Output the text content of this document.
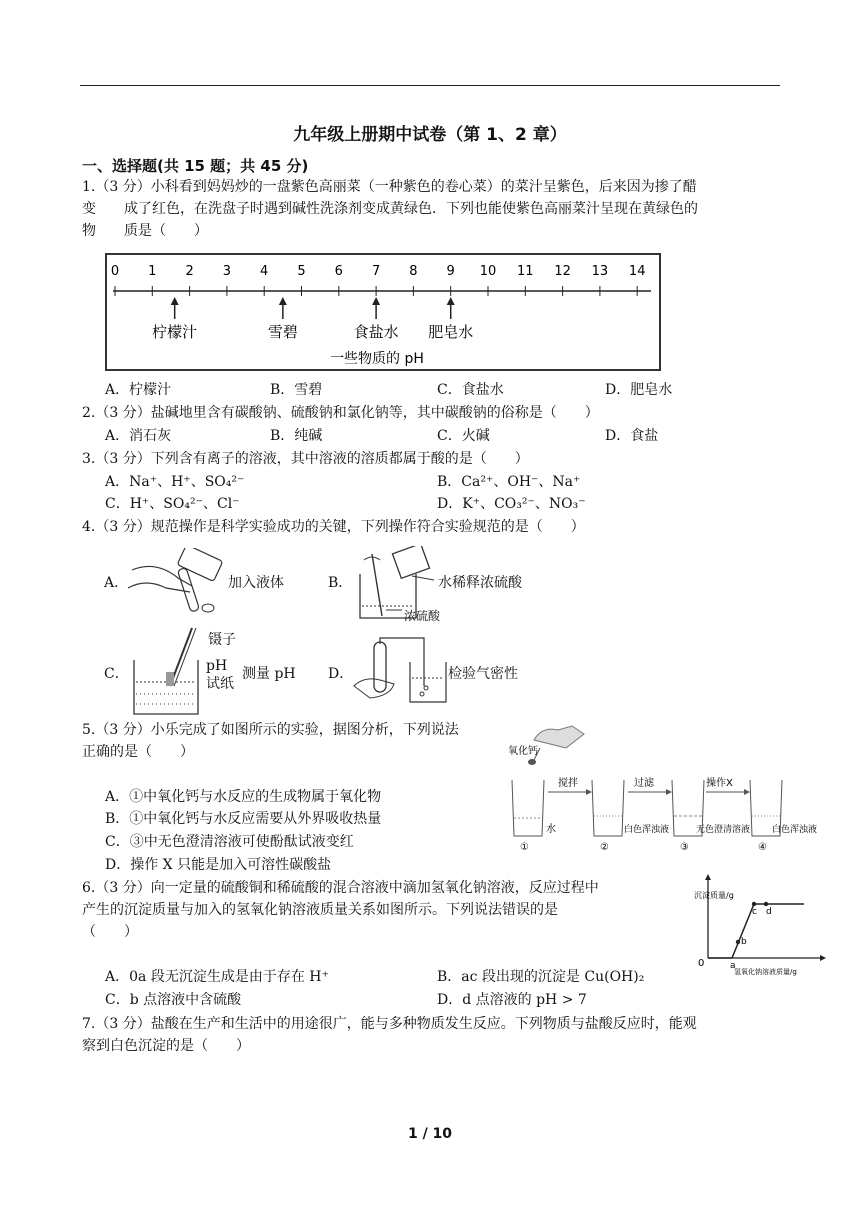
九年级上册期中试卷（第 1、2 章）
一、选择题(共 15 题；共 45 分)
1.（3 分）小科看到妈妈炒的一盘紫色高丽菜（一种紫色的卷心菜）的菜汁呈紫色，后来因为掺了醋
变　　成了红色，在洗盘子时遇到碱性洗涤剂变成黄绿色．下列也能使紫色高丽菜汁呈现在黄绿色的
物　　质是（　　）
0 1 2 3 4 5 6 7 8 9 10 11 12 13 14
柠檬汁	雪碧	食盐水 肥皂水
一些物质的 pH
A．柠檬汁	B．雪碧	C．食盐水	D．肥皂水
2.（3 分）盐碱地里含有碳酸钠、硫酸钠和氯化钠等，其中碳酸钠的俗称是（　　）
A．消石灰	B．纯碱	C．火碱	D．食盐
3.（3 分）下列含有离子的溶液，其中溶液的溶质都属于酸的是（　　）
A．Na⁺、H⁺、SO₄²⁻	B．Ca²⁺、OH⁻、Na⁺
C．H⁺、SO₄²⁻、Cl⁻	D．K⁺、CO₃²⁻、NO₃⁻
4.（3 分）规范操作是科学实验成功的关键，下列操作符合实验规范的是（　　）
A．	加入液体	B．	水稀释浓硫酸
浓硫酸
C．
镊子
pH
试纸
测量 pH D．	检验气密性
5.（3 分）小乐完成了如图所示的实验，据图分析，下列说法
正确的是（　　）
A．①中氧化钙与水反应的生成物属于氧化物
B．①中氧化钙与水反应需要从外界吸收热量
C．③中无色澄清溶液可使酚酞试液变红
D．操作 X 只能是加入可溶性碳酸盐
氧化钙
水
①
搅拌
②
白色浑浊液
过滤
③
无色澄清溶液
操作X
④
白色浑浊液
6.（3 分）向一定量的硫酸铜和稀硫酸的混合溶液中滴加氢氧化钠溶液，反应过程中
产生的沉淀质量与加入的氢氧化钠溶液质量关系如图所示。下列说法错误的是
（　　）
A．0a 段无沉淀生成是由于存在 H⁺	B．ac 段出现的沉淀是 Cu(OH)₂
C．b 点溶液中含硫酸	D．d 点溶液的 pH > 7
沉淀质量/g
0	a
b
c d
氢氧化钠溶液质量/g
7.（3 分）盐酸在生产和生活中的用途很广，能与多种物质发生反应。下列物质与盐酸反应时，能观
察到白色沉淀的是（　　）
1 / 10
